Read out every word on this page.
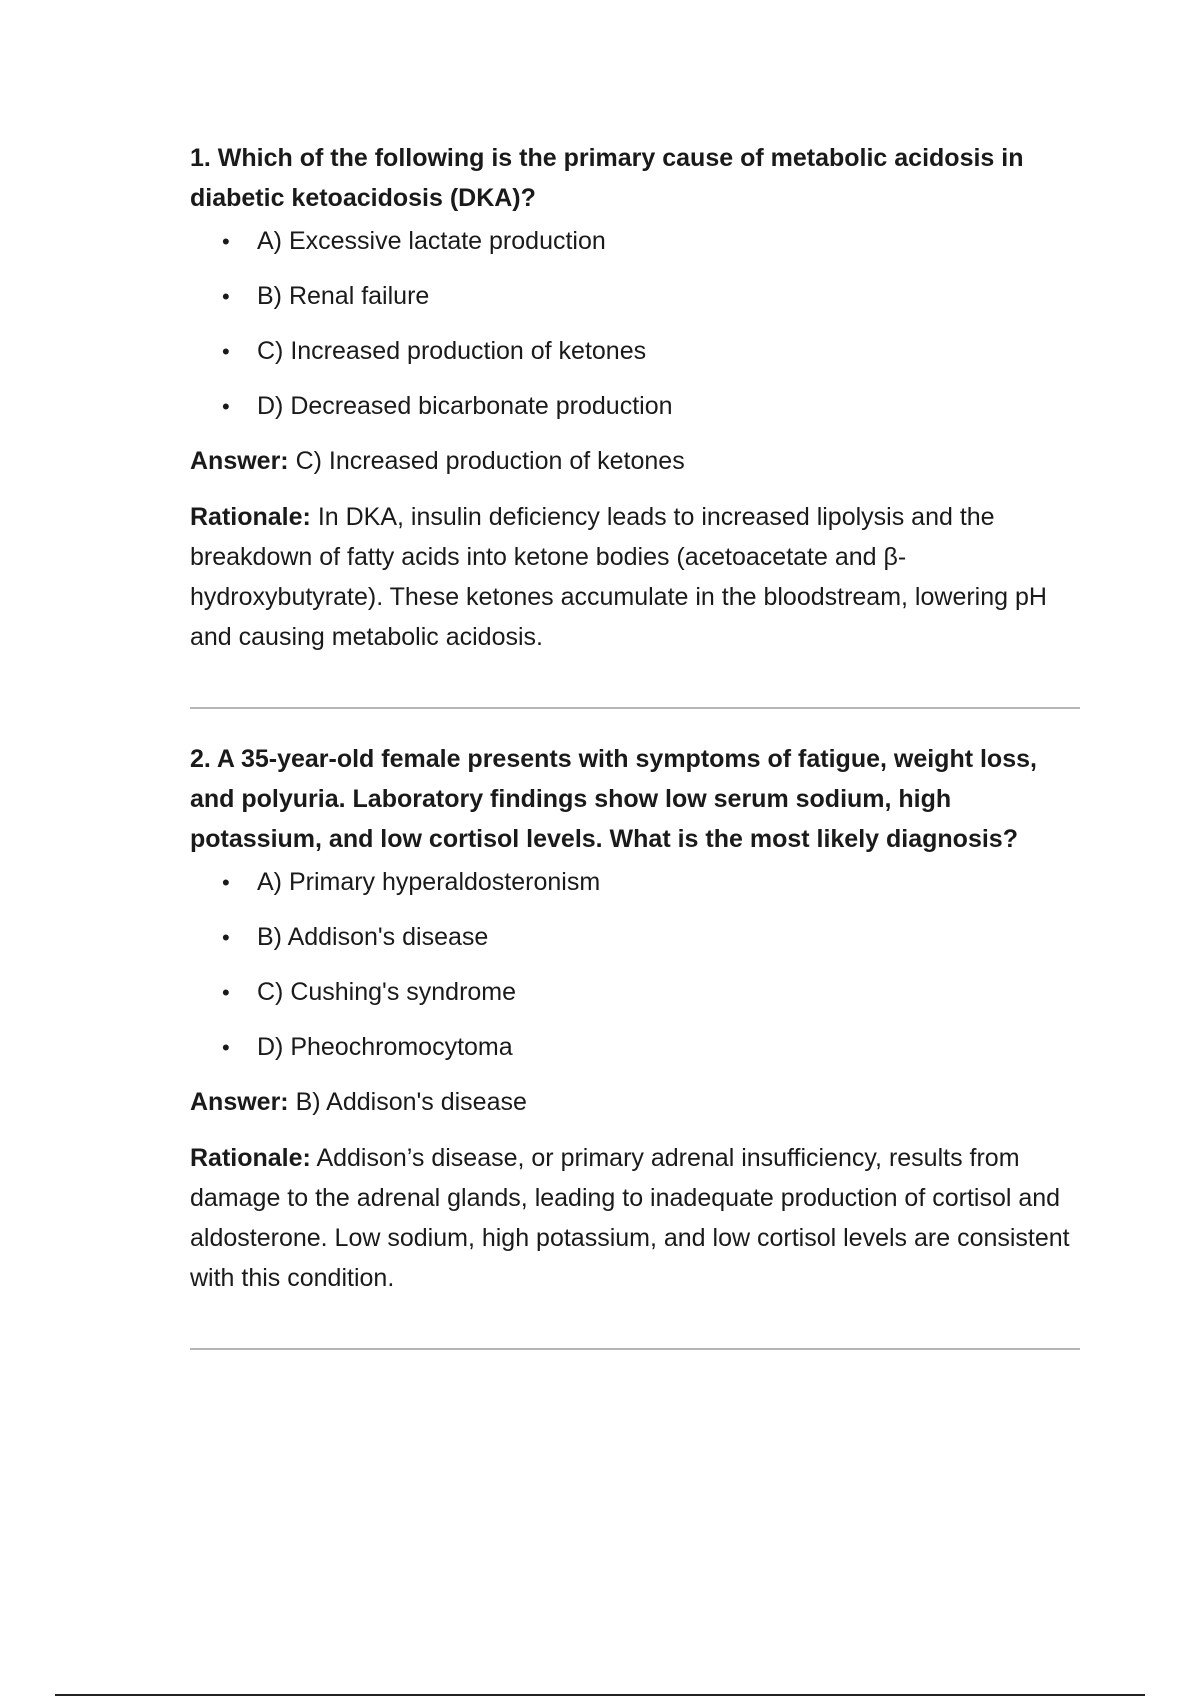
1. Which of the following is the primary cause of metabolic acidosis in diabetic ketoacidosis (DKA)?

• A) Excessive lactate production
• B) Renal failure
• C) Increased production of ketones
• D) Decreased bicarbonate production

Answer: C) Increased production of ketones

Rationale: In DKA, insulin deficiency leads to increased lipolysis and the breakdown of fatty acids into ketone bodies (acetoacetate and β-hydroxybutyrate). These ketones accumulate in the bloodstream, lowering pH and causing metabolic acidosis.

2. A 35-year-old female presents with symptoms of fatigue, weight loss, and polyuria. Laboratory findings show low serum sodium, high potassium, and low cortisol levels. What is the most likely diagnosis?

• A) Primary hyperaldosteronism
• B) Addison's disease
• C) Cushing's syndrome
• D) Pheochromocytoma

Answer: B) Addison's disease

Rationale: Addison’s disease, or primary adrenal insufficiency, results from damage to the adrenal glands, leading to inadequate production of cortisol and aldosterone. Low sodium, high potassium, and low cortisol levels are consistent with this condition.
